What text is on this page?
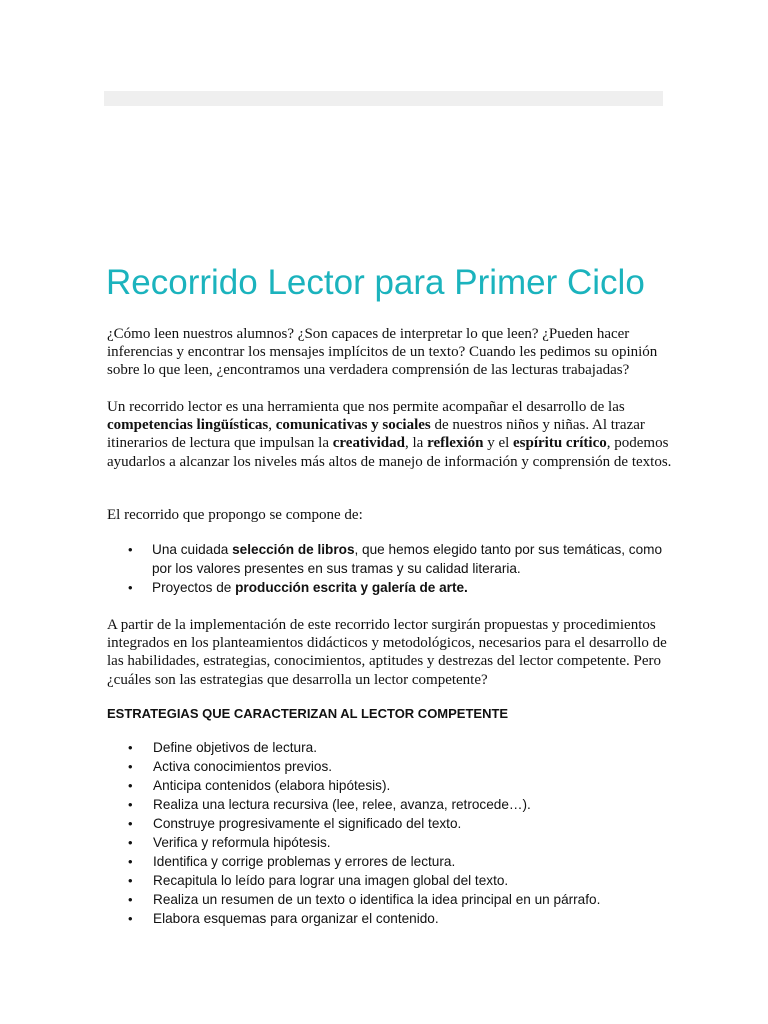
Recorrido Lector para Primer Ciclo

¿Cómo leen nuestros alumnos? ¿Son capaces de interpretar lo que leen? ¿Pueden hacer inferencias y encontrar los mensajes implícitos de un texto? Cuando les pedimos su opinión sobre lo que leen, ¿encontramos una verdadera comprensión de las lecturas trabajadas?

Un recorrido lector es una herramienta que nos permite acompañar el desarrollo de las competencias lingüísticas, comunicativas y sociales de nuestros niños y niñas. Al trazar itinerarios de lectura que impulsan la creatividad, la reflexión y el espíritu crítico, podemos ayudarlos a alcanzar los niveles más altos de manejo de información y comprensión de textos.

El recorrido que propongo se compone de:

• Una cuidada selección de libros, que hemos elegido tanto por sus temáticas, como por los valores presentes en sus tramas y su calidad literaria.
• Proyectos de producción escrita y galería de arte.

A partir de la implementación de este recorrido lector surgirán propuestas y procedimientos integrados en los planteamientos didácticos y metodológicos, necesarios para el desarrollo de las habilidades, estrategias, conocimientos, aptitudes y destrezas del lector competente. Pero ¿cuáles son las estrategias que desarrolla un lector competente?

ESTRATEGIAS QUE CARACTERIZAN AL LECTOR COMPETENTE
• Define objetivos de lectura.
• Activa conocimientos previos.
• Anticipa contenidos (elabora hipótesis).
• Realiza una lectura recursiva (lee, relee, avanza, retrocede…).
• Construye progresivamente el significado del texto.
• Verifica y reformula hipótesis.
• Identifica y corrige problemas y errores de lectura.
• Recapitula lo leído para lograr una imagen global del texto.
• Realiza un resumen de un texto o identifica la idea principal en un párrafo.
• Elabora esquemas para organizar el contenido.
